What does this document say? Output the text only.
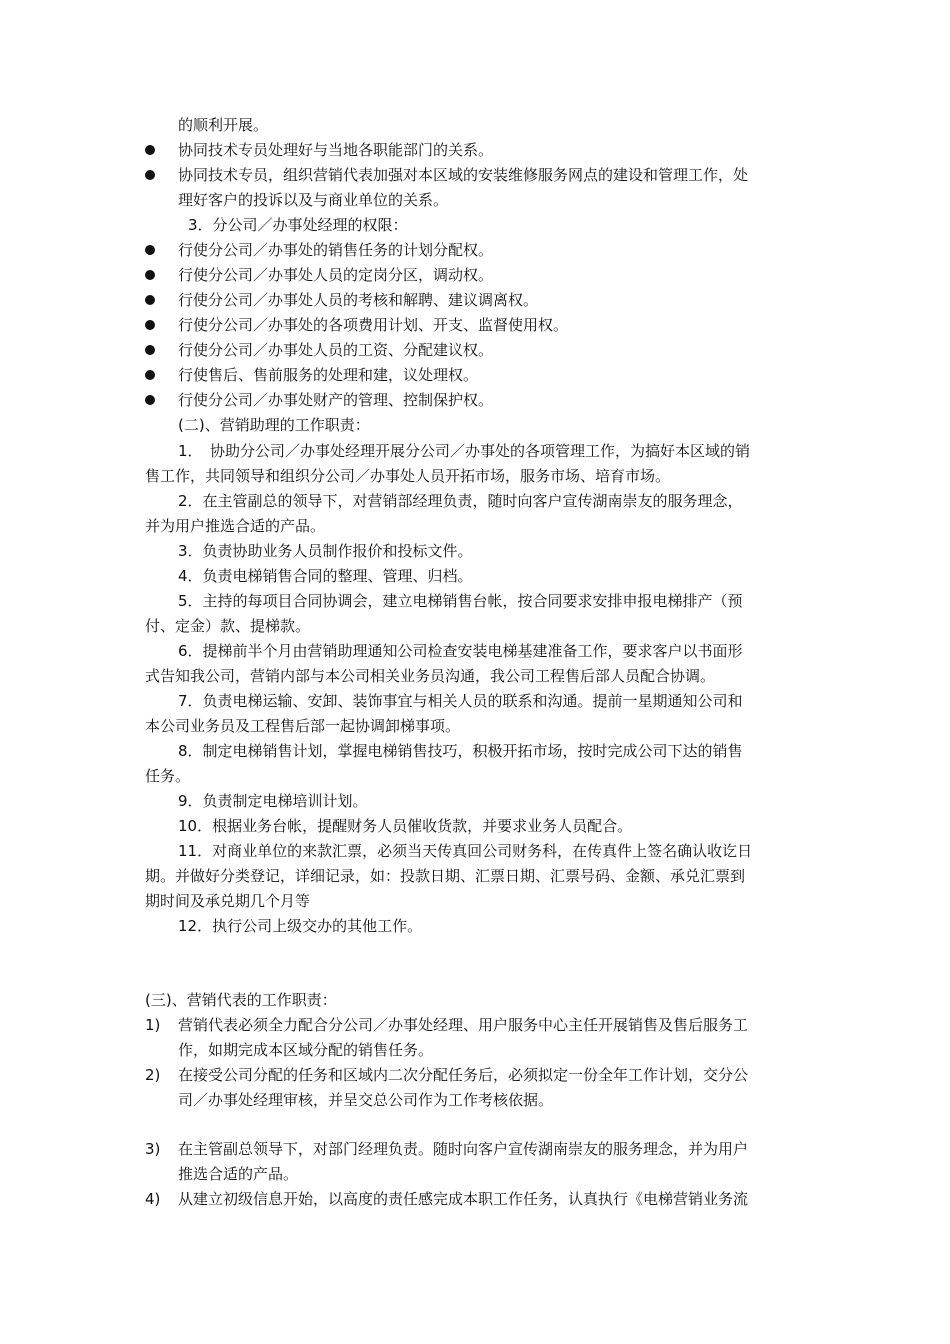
的顺利开展。
协同技术专员处理好与当地各职能部门的关系。
协同技术专员，组织营销代表加强对本区域的安装维修服务网点的建设和管理工作，处
理好客户的投诉以及与商业单位的关系。
3．分公司／办事处经理的权限：
行使分公司／办事处的销售任务的计划分配权。
行使分公司／办事处人员的定岗分区，调动权。
行使分公司／办事处人员的考核和解聘、建议调离权。
行使分公司／办事处的各项费用计划、开支、监督使用权。
行使分公司／办事处人员的工资、分配建议权。
行使售后、售前服务的处理和建，议处理权。
行使分公司／办事处财产的管理、控制保护权。
(二)、营销助理的工作职责：
1．　协助分公司／办事处经理开展分公司／办事处的各项管理工作，为搞好本区域的销
售工作，共同领导和组织分公司／办事处人员开拓市场，服务市场、培育市场。
2．在主管副总的领导下，对营销部经理负责，随时向客户宣传湖南崇友的服务理念，
并为用户推选合适的产品。
3．负责协助业务人员制作报价和投标文件。
4．负责电梯销售合同的整理、管理、归档。
5．主持的每项目合同协调会，建立电梯销售台帐，按合同要求安排申报电梯排产（预
付、定金）款、提梯款。
6．提梯前半个月由营销助理通知公司检查安装电梯基建准备工作，要求客户以书面形
式告知我公司，营销内部与本公司相关业务员沟通，我公司工程售后部人员配合协调。
7．负责电梯运输、安卸、装饰事宜与相关人员的联系和沟通。提前一星期通知公司和
本公司业务员及工程售后部一起协调卸梯事项。
8．制定电梯销售计划，掌握电梯销售技巧，积极开拓市场，按时完成公司下达的销售
任务。
9．负责制定电梯培训计划。
10．根据业务台帐，提醒财务人员催收货款，并要求业务人员配合。
11．对商业单位的来款汇票，必须当天传真回公司财务科，在传真件上签名确认收讫日
期。并做好分类登记，详细记录，如：投款日期、汇票日期、汇票号码、金额、承兑汇票到
期时间及承兑期几个月等
12．执行公司上级交办的其他工作。
(三)、营销代表的工作职责：
1) 营销代表必须全力配合分公司／办事处经理、用户服务中心主任开展销售及售后服务工
作，如期完成本区域分配的销售任务。
2) 在接受公司分配的任务和区域内二次分配任务后，必须拟定一份全年工作计划，交分公
司／办事处经理审核，并呈交总公司作为工作考核依据。
3) 在主管副总领导下，对部门经理负责。随时向客户宣传湖南崇友的服务理念，并为用户
推选合适的产品。
4) 从建立初级信息开始，以高度的责任感完成本职工作任务，认真执行《电梯营销业务流
